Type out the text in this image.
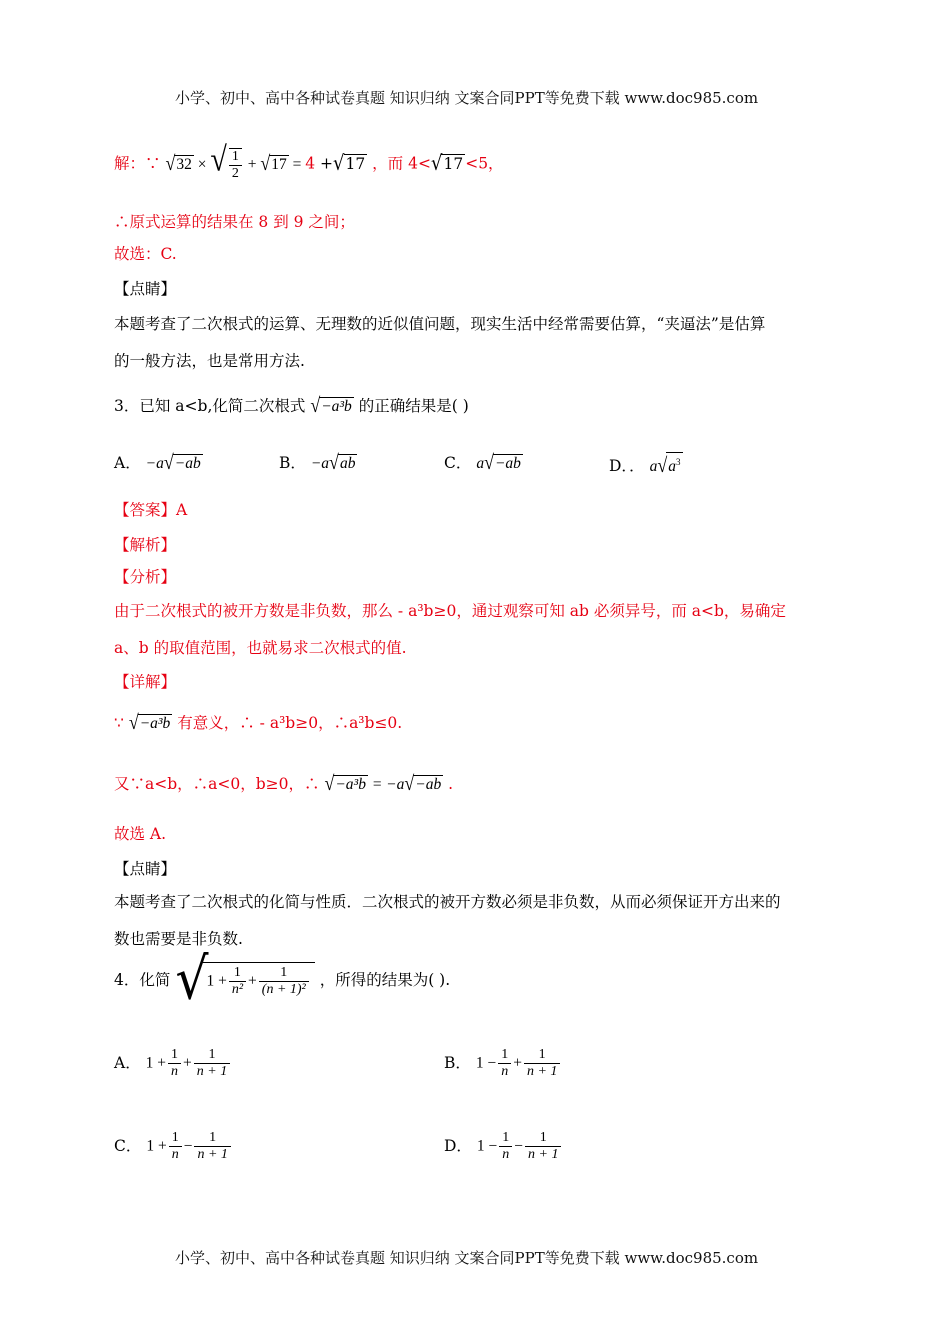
小学、初中、高中各种试卷真题 知识归纳 文案合同PPT等免费下载 www.doc985.com
解：∵ √32 × √ $\frac{1}{2} + √17 = 4 +√17$ ，而 4<√17 <5，
∴原式运算的结果在 8 到 9 之间；
故选：C.
【点睛】
本题考查了二次根式的运算、无理数的近似值问题，现实生活中经常需要估算，“夹逼法”是估算
的一般方法，也是常用方法.
3．已知 a<b,化简二次根式 √−a³b 的正确结果是( )
A． −a√−ab	B． −a√ab	C． a√−ab	D．． $a√a^3$
【答案】A
【解析】
【分析】
由于二次根式的被开方数是非负数，那么 - a³b≥0，通过观察可知 ab 必须异号，而 a<b，易确定
a、b 的取值范围，也就易求二次根式的值.
【详解】
∵ √−a³b 有意义，∴ - a³b≥0，∴a³b≤0.
又∵a<b，∴a<0，b≥0，∴ √−a³b = −a√−ab .
故选 A.
【点睛】
本题考查了二次根式的化简与性质．二次根式的被开方数必须是非负数，从而必须保证开方出来的
数也需要是非负数.
4．化简 $√1 + \frac{1}{\text{n²}} + \frac{1}{\text{(n + 1)²}}$ ，所得的结果为( ).
A． $1 + \frac{1}{n} + \frac{1}{n + 1}$	B． $1 - \frac{1}{n} + \frac{1}{n + 1}$
C． $1 + \frac{1}{n} - \frac{1}{n + 1}$	D． $1 - \frac{1}{n} - \frac{1}{n + 1}$
小学、初中、高中各种试卷真题 知识归纳 文案合同PPT等免费下载 www.doc985.com
